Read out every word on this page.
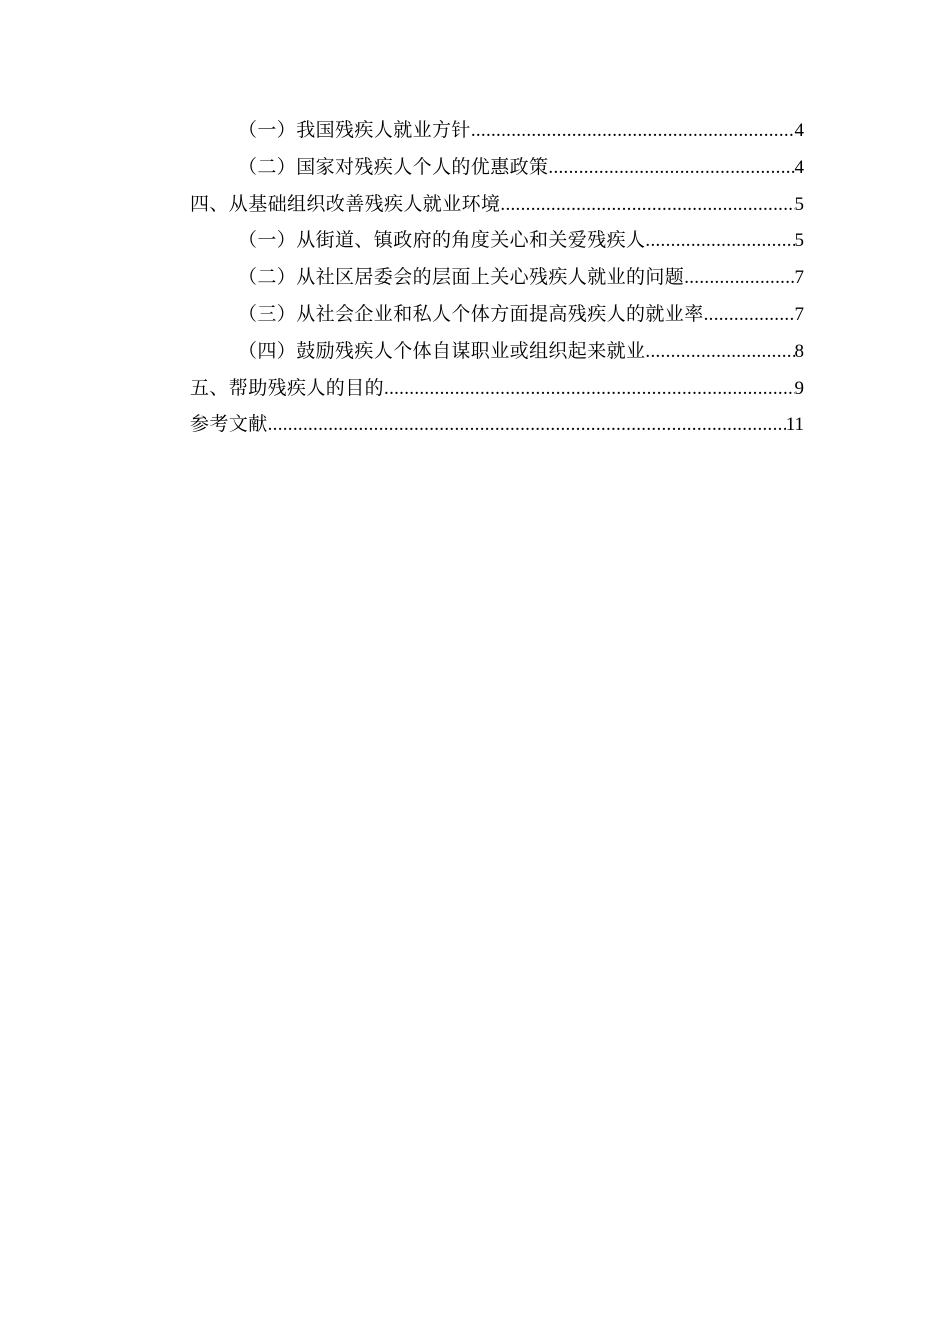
（一）我国残疾人就业方针 .....	4
（二）国家对残疾人个人的优惠政策 .....	4
四、从基础组织改善残疾人就业环境 .....	5
（一）从街道、镇政府的角度关心和关爱残疾人 .....	5
（二）从社区居委会的层面上关心残疾人就业的问题 .....	7
（三）从社会企业和私人个体方面提高残疾人的就业率 .....	7
（四）鼓励残疾人个体自谋职业或组织起来就业 .....	8
五、帮助残疾人的目的 .....	9
参考文献 .....	11
